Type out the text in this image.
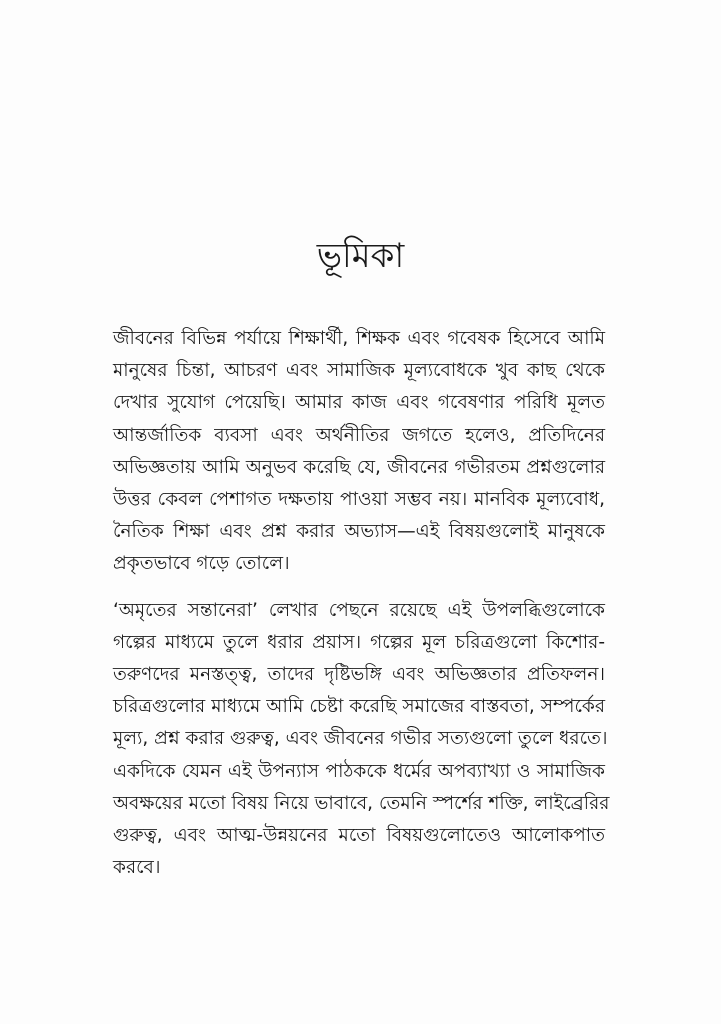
ভূমিকা

জীবনের বিভিন্ন পর্যায়ে শিক্ষার্থী, শিক্ষক এবং গবেষক হিসেবে আমি
মানুষের চিন্তা, আচরণ এবং সামাজিক মূল্যবোধকে খুব কাছ থেকে
দেখার সুযোগ পেয়েছি। আমার কাজ এবং গবেষণার পরিধি মূলত
আন্তর্জাতিক ব্যবসা এবং অর্থনীতির জগতে হলেও, প্রতিদিনের
অভিজ্ঞতায় আমি অনুভব করেছি যে, জীবনের গভীরতম প্রশ্নগুলোর
উত্তর কেবল পেশাগত দক্ষতায় পাওয়া সম্ভব নয়। মানবিক মূল্যবোধ,
নৈতিক শিক্ষা এবং প্রশ্ন করার অভ্যাস—এই বিষয়গুলোই মানুষকে
প্রকৃতভাবে গড়ে তোলে।

‘অমৃতের সন্তানেরা’ লেখার পেছনে রয়েছে এই উপলব্ধিগুলোকে
গল্পের মাধ্যমে তুলে ধরার প্রয়াস। গল্পের মূল চরিত্রগুলো কিশোর-
তরুণদের মনস্তত্ত্ব, তাদের দৃষ্টিভঙ্গি এবং অভিজ্ঞতার প্রতিফলন।
চরিত্রগুলোর মাধ্যমে আমি চেষ্টা করেছি সমাজের বাস্তবতা, সম্পর্কের
মূল্য, প্রশ্ন করার গুরুত্ব, এবং জীবনের গভীর সত্যগুলো তুলে ধরতে।
একদিকে যেমন এই উপন্যাস পাঠককে ধর্মের অপব্যাখ্যা ও সামাজিক
অবক্ষয়ের মতো বিষয় নিয়ে ভাবাবে, তেমনি স্পর্শের শক্তি, লাইব্রেরির
গুরুত্ব, এবং আত্ম-উন্নয়নের মতো বিষয়গুলোতেও আলোকপাত
করবে।
